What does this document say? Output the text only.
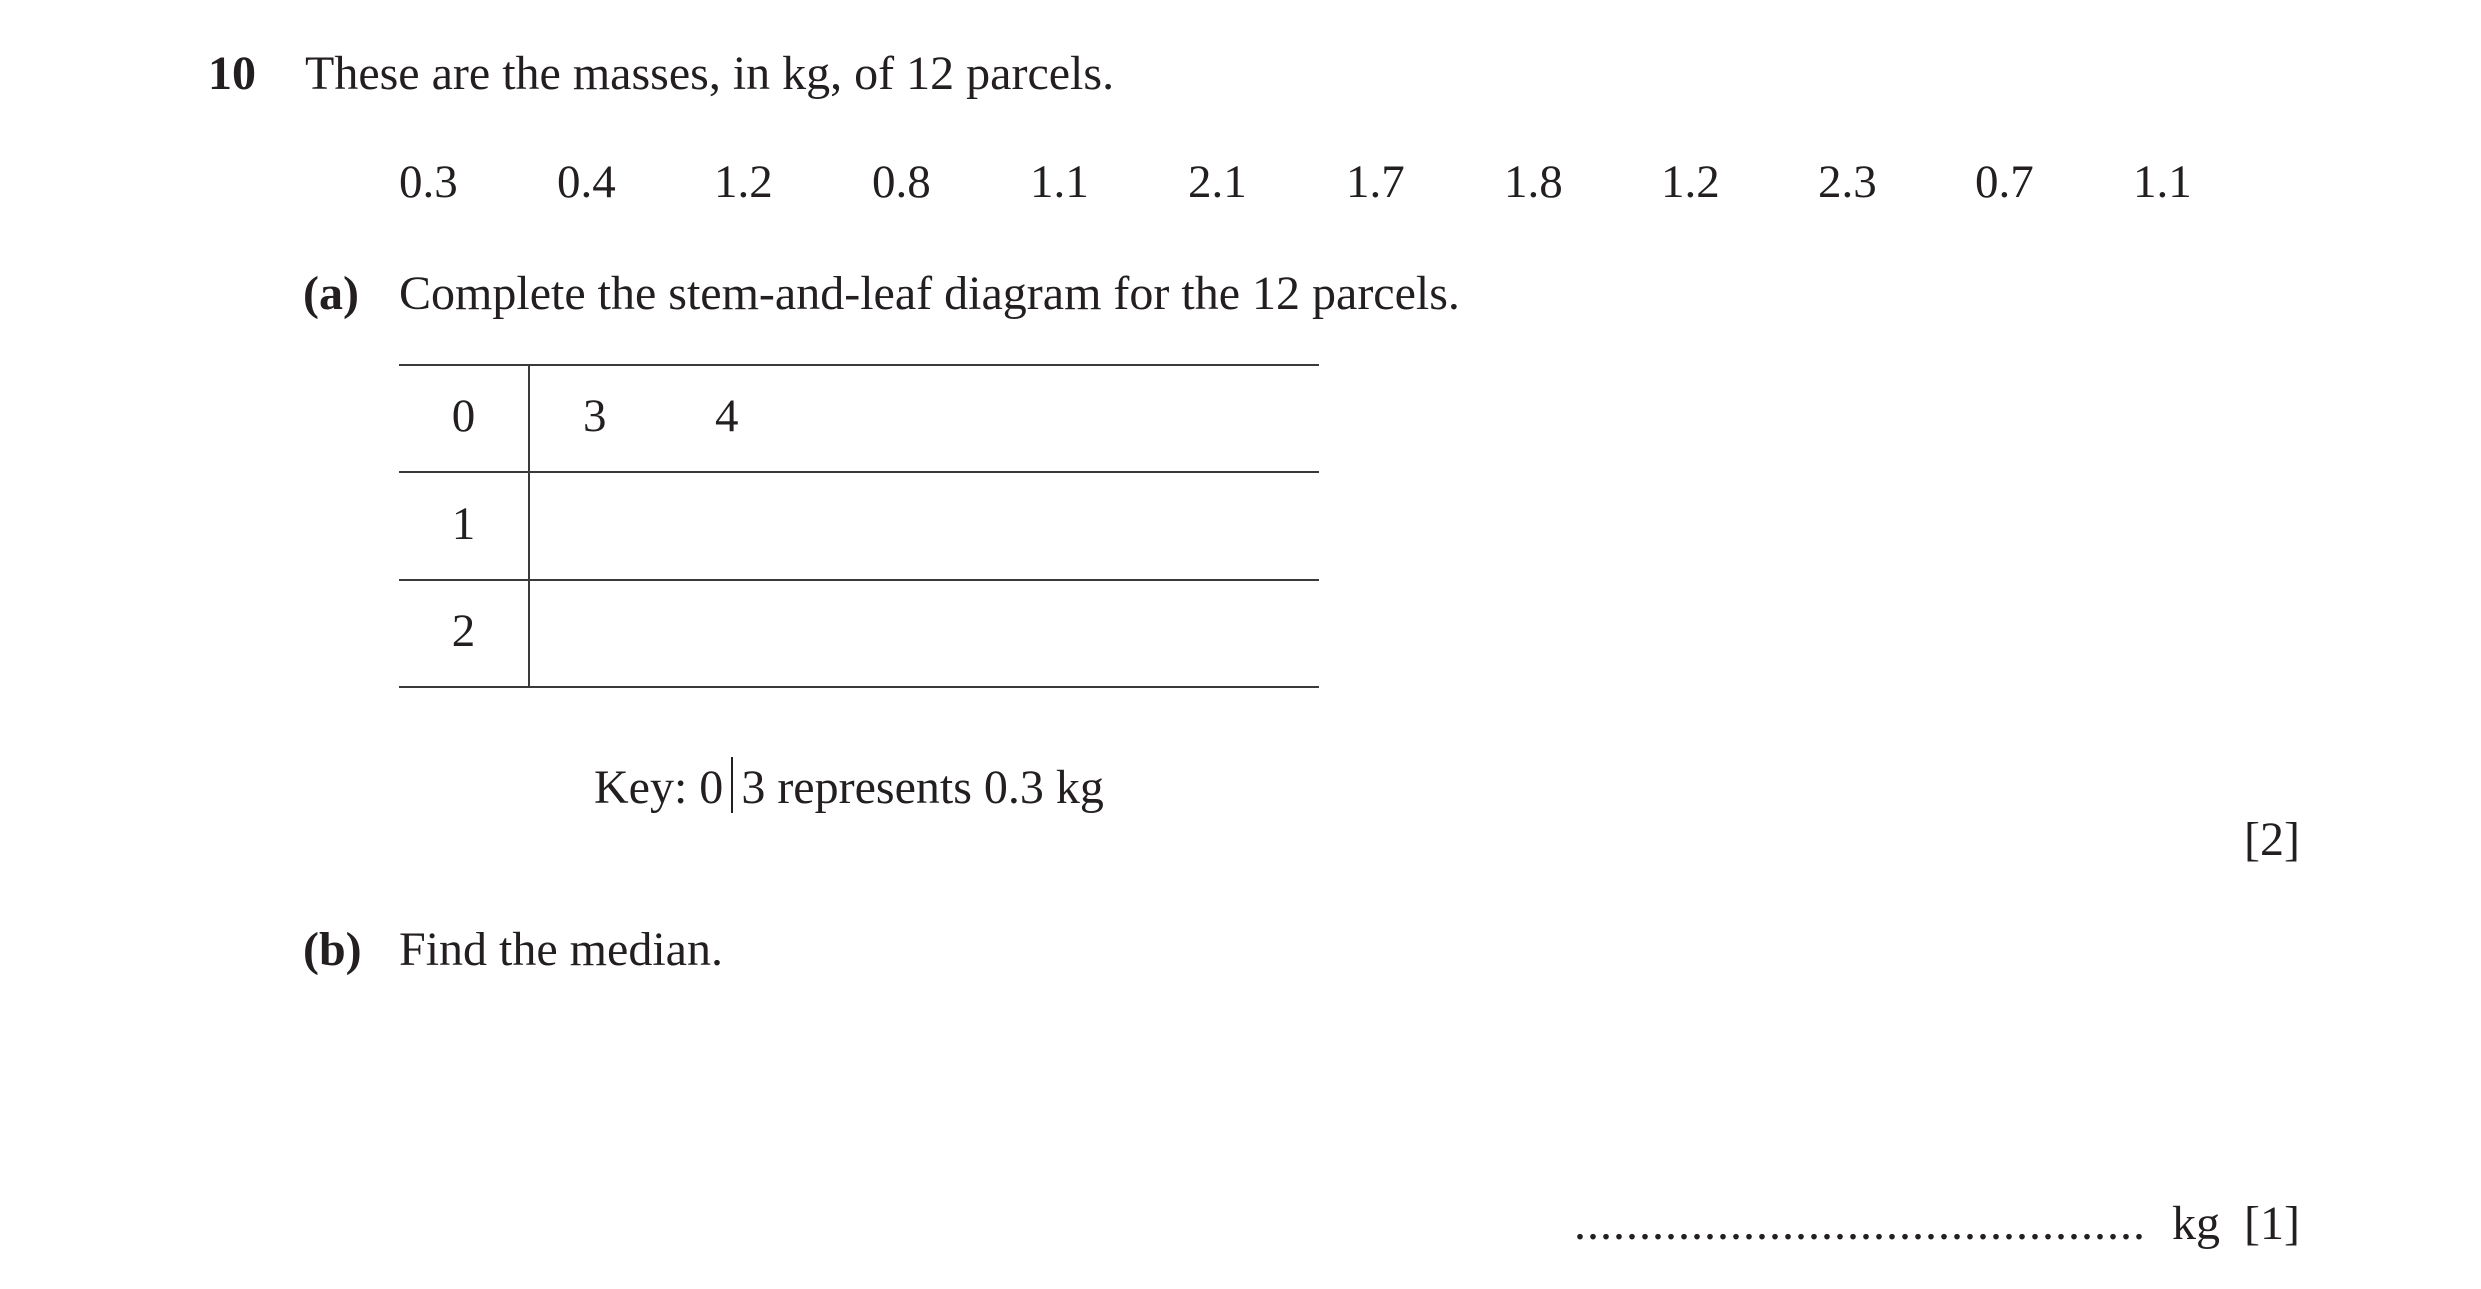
10 These are the masses, in kg, of 12 parcels.
0.3 0.4 1.2 0.8 1.1 2.1 1.7 1.8 1.2 2.3 0.7 1.1
(a) Complete the stem-and-leaf diagram for the 12 parcels.
0
1
2
3 4
Key: 0 3 represents 0.3 kg
[2]
(b) Find the median.
............................................ kg [1]
